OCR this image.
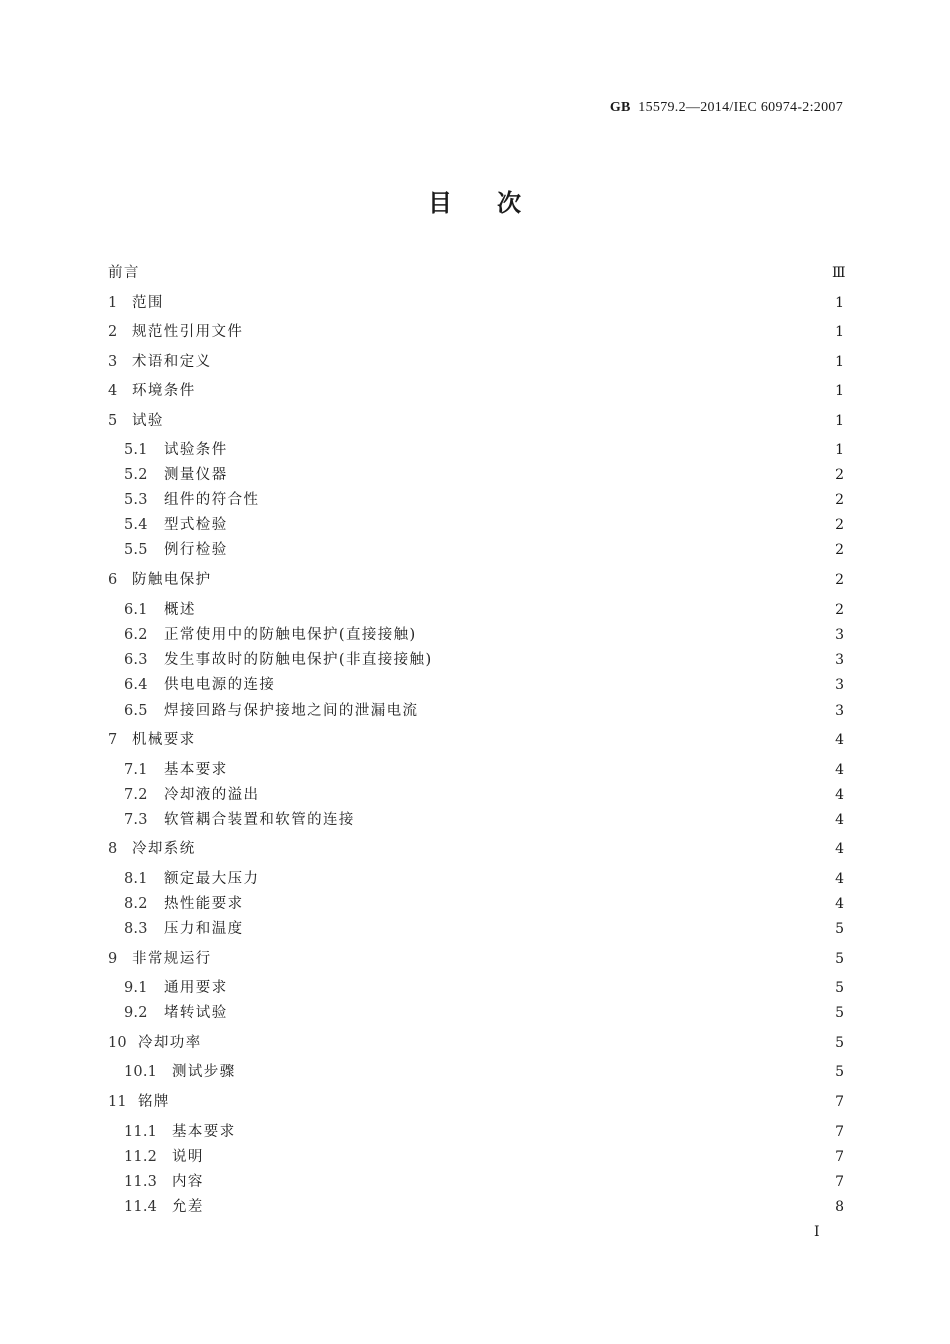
GB 15579.2—2014/IEC 60974-2:2007
目 次
前言	Ⅲ
1	范围	1
2	规范性引用文件	1
3	术语和定义	1
4	环境条件	1
5	试验	1
5.1	试验条件	1
5.2	测量仪器	2
5.3	组件的符合性	2
5.4	型式检验	2
5.5	例行检验	2
6	防触电保护	2
6.1	概述	2
6.2	正常使用中的防触电保护(直接接触)	3
6.3	发生事故时的防触电保护(非直接接触)	3
6.4	供电电源的连接	3
6.5	焊接回路与保护接地之间的泄漏电流	3
7	机械要求	4
7.1	基本要求	4
7.2	冷却液的溢出	4
7.3	软管耦合装置和软管的连接	4
8	冷却系统	4
8.1	额定最大压力	4
8.2	热性能要求	4
8.3	压力和温度	5
9	非常规运行	5
9.1	通用要求	5
9.2	堵转试验	5
10 冷却功率	5
10.1	测试步骤	5
11 铭牌	7
11.1	基本要求	7
11.2	说明	7
11.3	内容	7
11.4	允差	8
Ⅰ
